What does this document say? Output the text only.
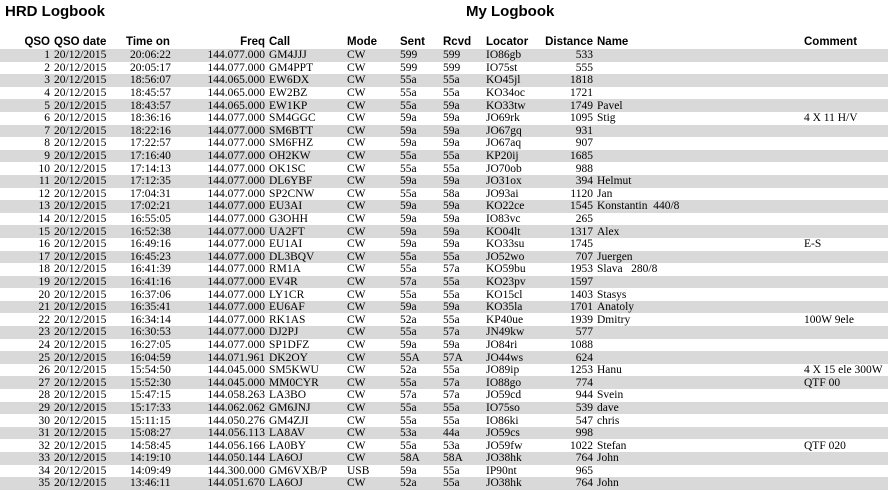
HRD Logbook	My Logbook
QSO	QSO date	Time on	Freq	Call	Mode	Sent	Rcvd	Locator	Distance	Name	Comment
1	20/12/2015	20:06:22	144.077.000	GM4JJJ	CW	599	599	IO86gb	533		
2	20/12/2015	20:05:17	144.077.000	GM4PPT	CW	599	599	IO75st	555		
3	20/12/2015	18:56:07	144.065.000	EW6DX	CW	55a	55a	KO45jl	1818		
4	20/12/2015	18:45:57	144.065.000	EW2BZ	CW	55a	55a	KO34oc	1721		
5	20/12/2015	18:43:57	144.065.000	EW1KP	CW	55a	59a	KO33tw	1749	Pavel	
6	20/12/2015	18:36:16	144.077.000	SM4GGC	CW	59a	59a	JO69rk	1095	Stig	4 X 11 H/V
7	20/12/2015	18:22:16	144.077.000	SM6BTT	CW	59a	59a	JO67gq	931		
8	20/12/2015	17:22:57	144.077.000	SM6FHZ	CW	59a	59a	JO67aq	907		
9	20/12/2015	17:16:40	144.077.000	OH2KW	CW	55a	55a	KP20ij	1685		
10	20/12/2015	17:14:13	144.077.000	OK1SC	CW	55a	55a	JO70ob	988		
11	20/12/2015	17:12:35	144.077.000	DL6YBF	CW	59a	59a	JO31ox	394	Helmut	
12	20/12/2015	17:04:31	144.077.000	SP2CNW	CW	55a	58a	JO93ai	1120	Jan	
13	20/12/2015	17:02:21	144.077.000	EU3AI	CW	59a	59a	KO22ce	1545	Konstantin  440/8	
14	20/12/2015	16:55:05	144.077.000	G3OHH	CW	59a	59a	IO83vc	265		
15	20/12/2015	16:52:38	144.077.000	UA2FT	CW	59a	59a	KO04lt	1317	Alex	
16	20/12/2015	16:49:16	144.077.000	EU1AI	CW	59a	59a	KO33su	1745		E-S
17	20/12/2015	16:45:23	144.077.000	DL3BQV	CW	55a	55a	JO52wo	707	Juergen	
18	20/12/2015	16:41:39	144.077.000	RM1A	CW	55a	57a	KO59bu	1953	Slava   280/8	
19	20/12/2015	16:41:16	144.077.000	EV4R	CW	57a	55a	KO23pv	1597		
20	20/12/2015	16:37:06	144.077.000	LY1CR	CW	55a	55a	KO15cl	1403	Stasys	
21	20/12/2015	16:35:41	144.077.000	EU6AF	CW	59a	59a	KO35la	1701	Anatoly	
22	20/12/2015	16:34:14	144.077.000	RK1AS	CW	52a	55a	KP40ue	1939	Dmitry	100W 9ele
23	20/12/2015	16:30:53	144.077.000	DJ2PJ	CW	55a	57a	JN49kw	577		
24	20/12/2015	16:27:05	144.077.000	SP1DFZ	CW	59a	59a	JO84ri	1088		
25	20/12/2015	16:04:59	144.071.961	DK2OY	CW	55A	57A	JO44ws	624		
26	20/12/2015	15:54:50	144.045.000	SM5KWU	CW	52a	55a	JO89ip	1253	Hanu	4 X 15 ele 300W
27	20/12/2015	15:52:30	144.045.000	MM0CYR	CW	55a	57a	IO88go	774		QTF 00
28	20/12/2015	15:47:15	144.058.263	LA3BO	CW	57a	57a	JO59cd	944	Svein	
29	20/12/2015	15:17:33	144.062.062	GM6JNJ	CW	55a	55a	IO75so	539	dave	
30	20/12/2015	15:11:15	144.050.276	GM4ZJI	CW	55a	55a	IO86ki	547	chris	
31	20/12/2015	15:08:27	144.056.113	LA8AV	CW	53a	44a	JO59cs	998		
32	20/12/2015	14:58:45	144.056.166	LA0BY	CW	55a	53a	JO59fw	1022	Stefan	QTF 020
33	20/12/2015	14:19:10	144.050.144	LA6OJ	CW	58A	58A	JO38hk	764	John	
34	20/12/2015	14:09:49	144.300.000	GM6VXB/P	USB	59a	55a	IP90nt	965		
35	20/12/2015	13:46:11	144.051.670	LA6OJ	CW	52a	55a	JO38hk	764	John	
